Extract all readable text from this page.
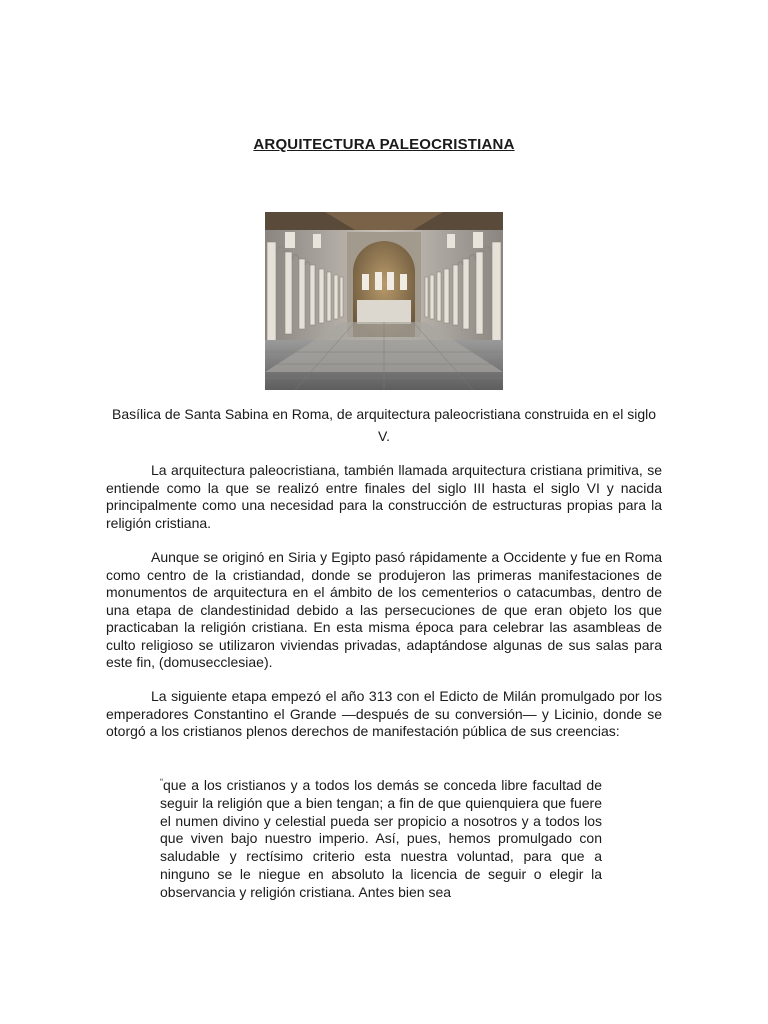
ARQUITECTURA PALEOCRISTIANA
Basílica de Santa Sabina en Roma, de arquitectura paleocristiana construida en el siglo V.

La arquitectura paleocristiana, también llamada arquitectura cristiana primitiva, se entiende como la que se realizó entre finales del siglo III hasta el siglo VI y nacida principalmente como una necesidad para la construcción de estructuras propias para la religión cristiana.

Aunque se originó en Siria y Egipto pasó rápidamente a Occidente y fue en Roma como centro de la cristiandad, donde se produjeron las primeras manifestaciones de monumentos de arquitectura en el ámbito de los cementerios o catacumbas, dentro de una etapa de clandestinidad debido a las persecuciones de que eran objeto los que practicaban la religión cristiana. En esta misma época para celebrar las asambleas de culto religioso se utilizaron viviendas privadas, adaptándose algunas de sus salas para este fin, (domusecclesiae).

La siguiente etapa empezó el año 313 con el Edicto de Milán promulgado por los emperadores Constantino el Grande —después de su conversión— y Licinio, donde se otorgó a los cristianos plenos derechos de manifestación pública de sus creencias:

“que a los cristianos y a todos los demás se conceda libre facultad de seguir la religión que a bien tengan; a fin de que quienquiera que fuere el numen divino y celestial pueda ser propicio a nosotros y a todos los que viven bajo nuestro imperio. Así, pues, hemos promulgado con saludable y rectísimo criterio esta nuestra voluntad, para que a ninguno se le niegue en absoluto la licencia de seguir o elegir la observancia y religión cristiana. Antes bien sea
